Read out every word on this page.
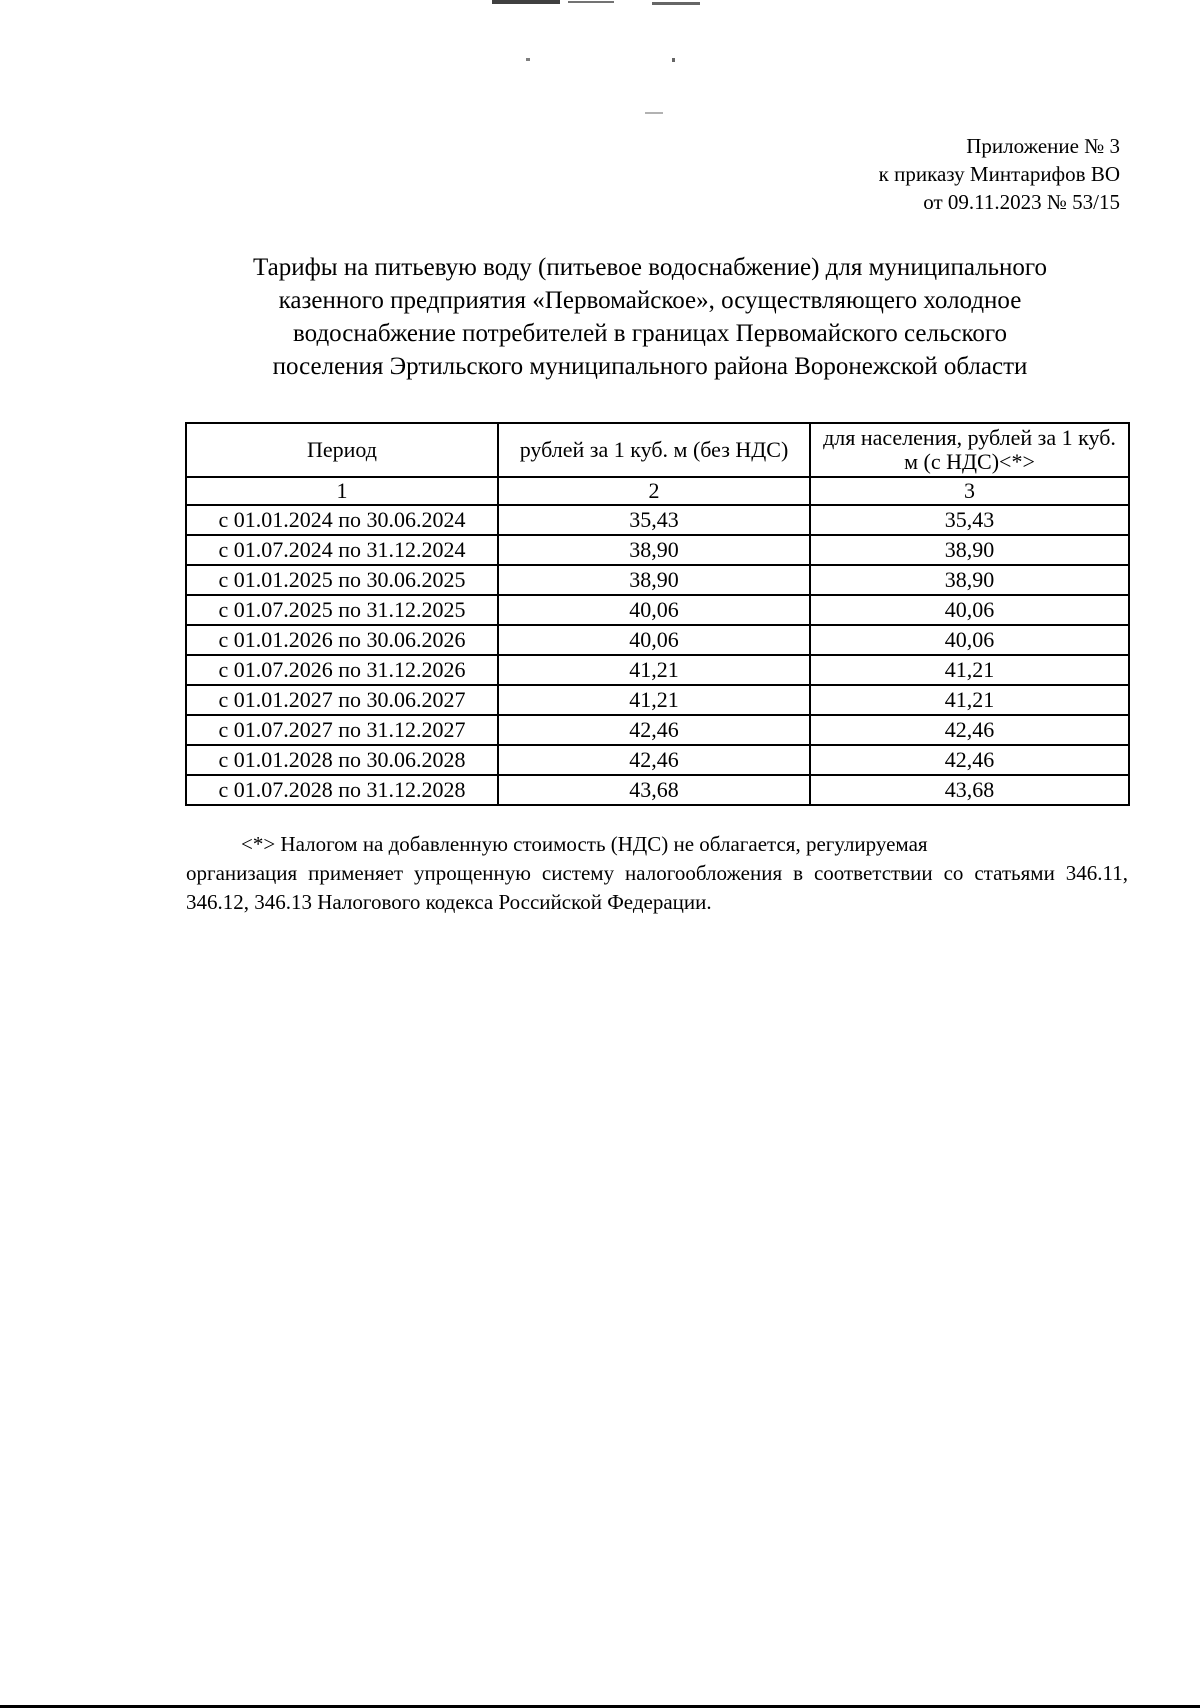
Приложение № 3
к приказу Минтарифов ВО
от 09.11.2023 № 53/15
Тарифы на питьевую воду (питьевое водоснабжение) для муниципального
казенного предприятия «Первомайское», осуществляющего холодное
водоснабжение потребителей в границах Первомайского сельского
поселения Эртильского муниципального района Воронежской области
Период	рублей за 1 куб. м (без НДС)	для населения, рублей за 1 куб. м (с НДС)<*>
1	2	3
с 01.01.2024 по 30.06.2024	35,43	35,43
с 01.07.2024 по 31.12.2024	38,90	38,90
с 01.01.2025 по 30.06.2025	38,90	38,90
с 01.07.2025 по 31.12.2025	40,06	40,06
с 01.01.2026 по 30.06.2026	40,06	40,06
с 01.07.2026 по 31.12.2026	41,21	41,21
с 01.01.2027 по 30.06.2027	41,21	41,21
с 01.07.2027 по 31.12.2027	42,46	42,46
с 01.01.2028 по 30.06.2028	42,46	42,46
с 01.07.2028 по 31.12.2028	43,68	43,68
<*> Налогом на добавленную стоимость (НДС) не облагается, регулируемая
организация применяет упрощенную систему налогообложения в соответствии со статьями 346.11, 346.12, 346.13 Налогового кодекса Российской Федерации.
